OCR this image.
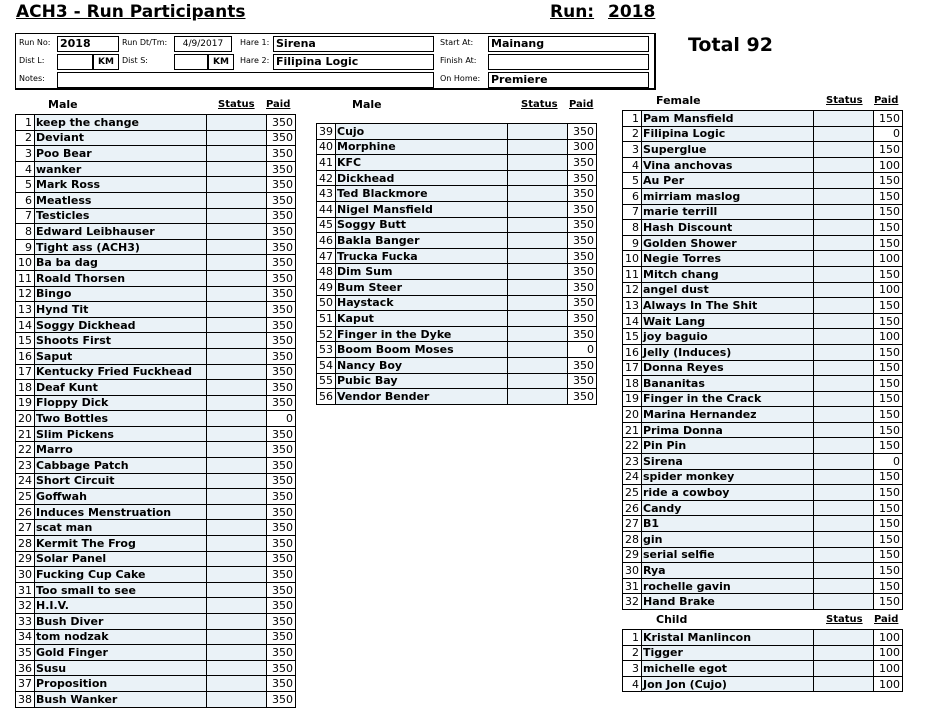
ACH3 - Run Participants	Run: 2018
Total 92
Run No: 2018	Run Dt/Tm:	4/9/2017	Hare 1: Sirena	Start At: Mainang
Dist L:	KM	Dist S:	KM	Hare 2: Filipina Logic	Finish At:
Notes:	On Home: Premiere
Male	Status Paid	Male	Status Paid	Female	Status Paid
Child	Status Paid
1	keep the change		350
2	Deviant		350
3	Poo Bear		350
4	wanker		350
5	Mark Ross		350
6	Meatless		350
7	Testicles		350
8	Edward Leibhauser		350
9	Tight ass (ACH3)		350
10	Ba ba dag		350
11	Roald Thorsen		350
12	Bingo		350
13	Hynd Tit		350
14	Soggy Dickhead		350
15	Shoots First		350
16	Saput		350
17	Kentucky Fried Fuckhead		350
18	Deaf Kunt		350
19	Floppy Dick		350
20	Two Bottles		0
21	Slim Pickens		350
22	Marro		350
23	Cabbage Patch		350
24	Short Circuit		350
25	Goffwah		350
26	Induces Menstruation		350
27	scat man		350
28	Kermit The Frog		350
29	Solar Panel		350
30	Fucking Cup Cake		350
31	Too small to see		350
32	H.I.V.		350
33	Bush Diver		350
34	tom nodzak		350
35	Gold Finger		350
36	Susu		350
37	Proposition		350
38	Bush Wanker		350
39	Cujo		350
40	Morphine		300
41	KFC		350
42	Dickhead		350
43	Ted Blackmore		350
44	Nigel Mansfield		350
45	Soggy Butt		350
46	Bakla Banger		350
47	Trucka Fucka		350
48	Dim Sum		350
49	Bum Steer		350
50	Haystack		350
51	Kaput		350
52	Finger in the Dyke		350
53	Boom Boom Moses		0
54	Nancy Boy		350
55	Pubic Bay		350
56	Vendor Bender		350
1	Pam Mansfield		150
2	Filipina Logic		0
3	Superglue		150
4	Vina anchovas		100
5	Au Per		150
6	mirriam maslog		150
7	marie terrill		150
8	Hash Discount		150
9	Golden Shower		150
10	Negie Torres		100
11	Mitch chang		150
12	angel dust		100
13	Always In The Shit		150
14	Wait Lang		150
15	joy baguio		100
16	Jelly (Induces)		150
17	Donna Reyes		150
18	Bananitas		150
19	Finger in the Crack		150
20	Marina Hernandez		150
21	Prima Donna		150
22	Pin Pin		150
23	Sirena		0
24	spider monkey		150
25	ride a cowboy		150
26	Candy		150
27	B1		150
28	gin		150
29	serial selfie		150
30	Rya		150
31	rochelle gavin		150
32	Hand Brake		150
1	Kristal Manlincon		100
2	Tigger		100
3	michelle egot		100
4	Jon Jon (Cujo)		100
